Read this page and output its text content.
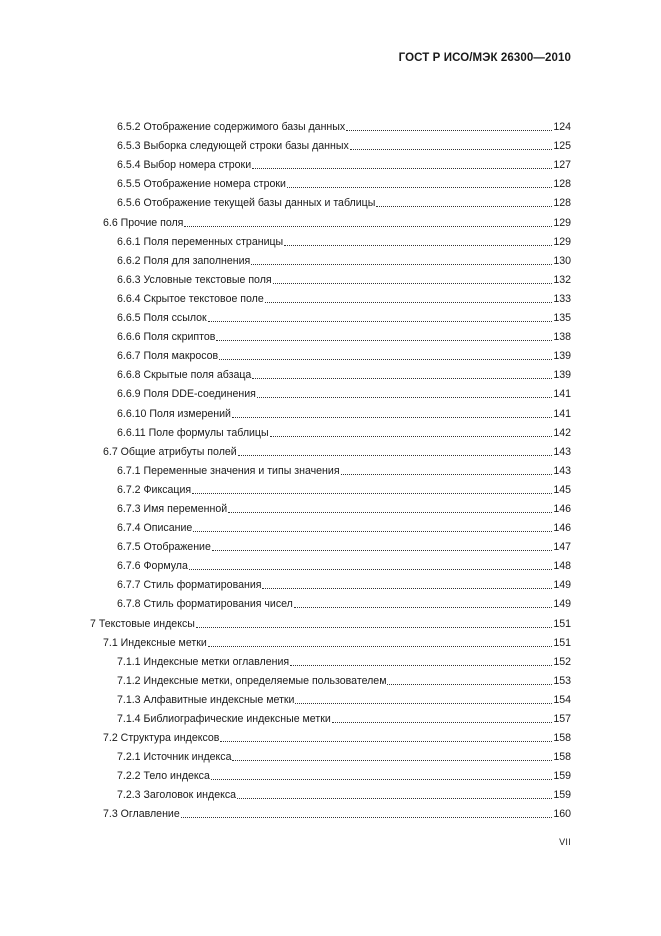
ГОСТ Р ИСО/МЭК 26300—2010
6.5.2 Отображение содержимого базы данных	124
6.5.3 Выборка следующей строки базы данных	125
6.5.4 Выбор номера строки	127
6.5.5 Отображение номера строки	128
6.5.6 Отображение текущей базы данных и таблицы	128
6.6 Прочие поля	129
6.6.1 Поля переменных страницы	129
6.6.2 Поля для заполнения	130
6.6.3 Условные текстовые поля	132
6.6.4 Скрытое текстовое поле	133
6.6.5 Поля ссылок	135
6.6.6 Поля скриптов	138
6.6.7 Поля макросов	139
6.6.8 Скрытые поля абзаца	139
6.6.9 Поля DDE-соединения	141
6.6.10 Поля измерений	141
6.6.11 Поле формулы таблицы	142
6.7 Общие атрибуты полей	143
6.7.1 Переменные значения и типы значения	143
6.7.2 Фиксация	145
6.7.3 Имя переменной	146
6.7.4 Описание	146
6.7.5 Отображение	147
6.7.6 Формула	148
6.7.7 Стиль форматирования	149
6.7.8 Стиль форматирования чисел	149
7 Текстовые индексы	151
7.1 Индексные метки	151
7.1.1 Индексные метки оглавления	152
7.1.2 Индексные метки, определяемые пользователем	153
7.1.3 Алфавитные индексные метки	154
7.1.4 Библиографические индексные метки	157
7.2 Структура индексов	158
7.2.1 Источник индекса	158
7.2.2 Тело индекса	159
7.2.3 Заголовок индекса	159
7.3 Оглавление	160
VII
